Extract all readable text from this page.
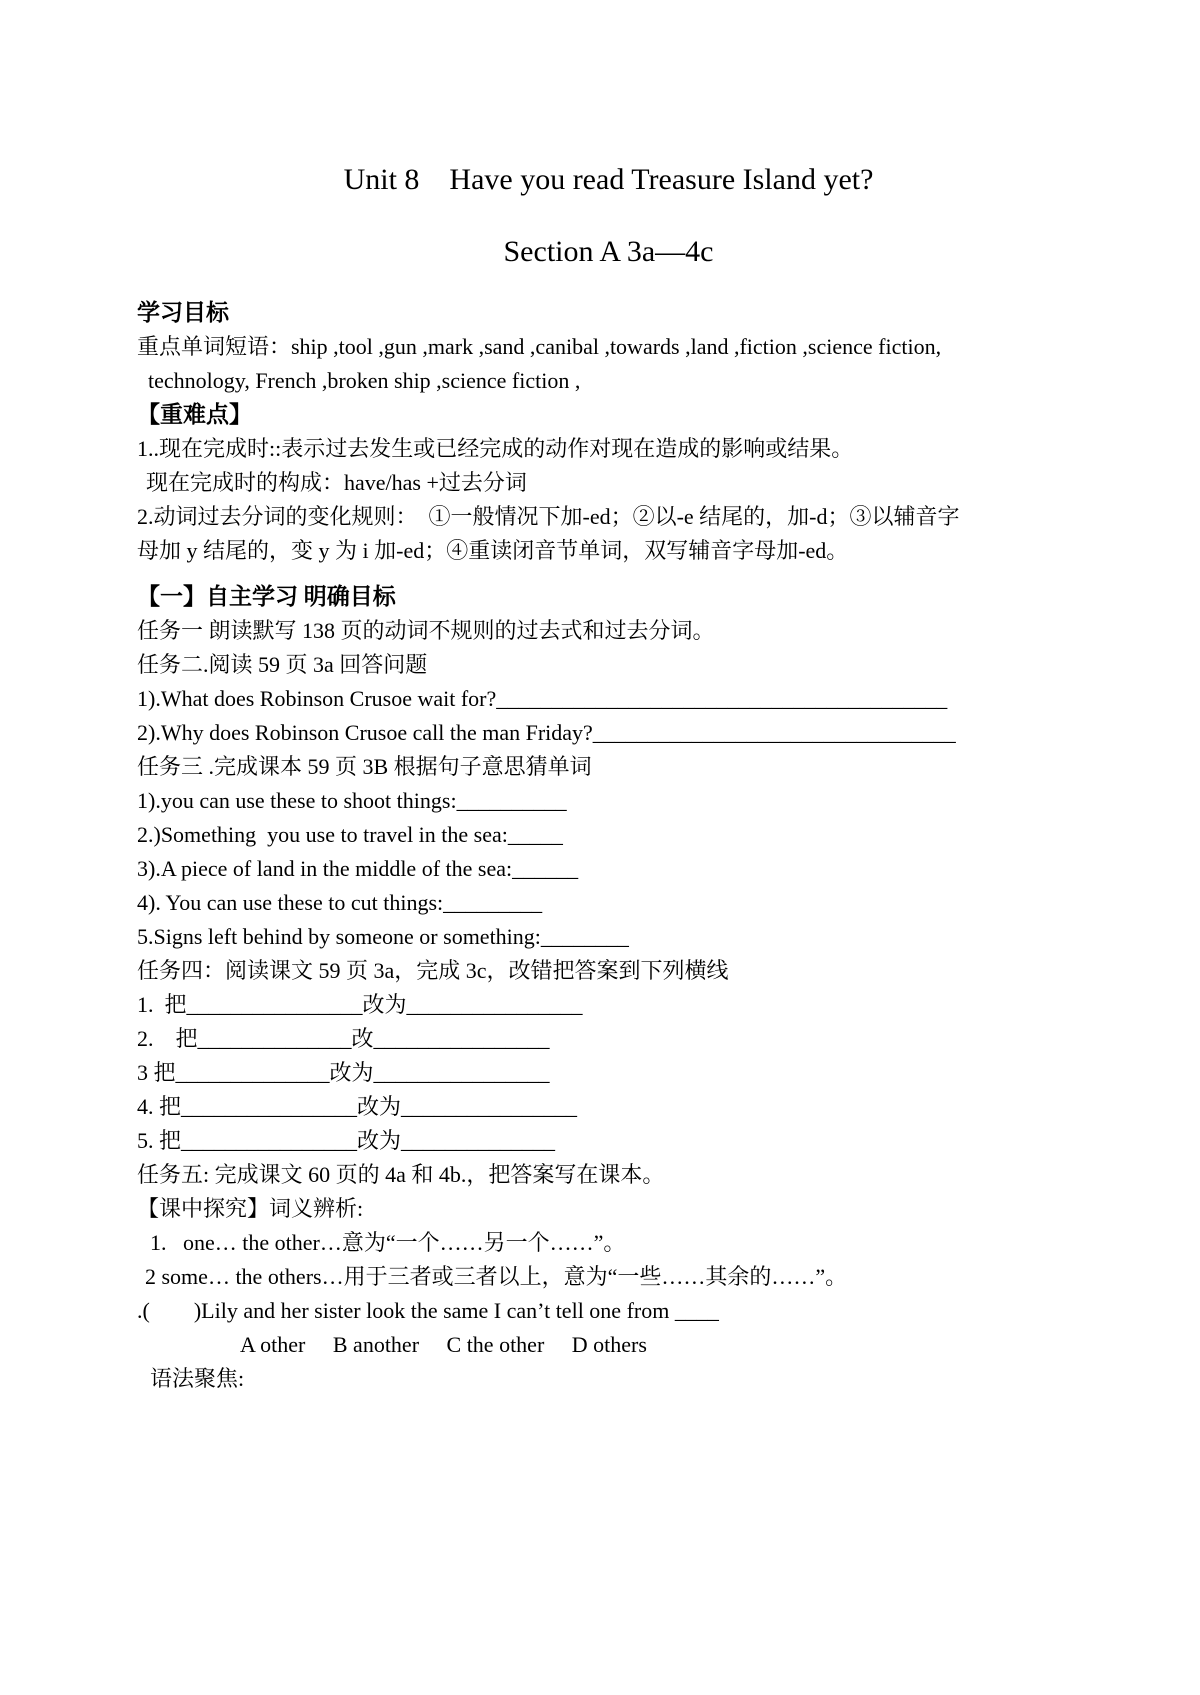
Unit 8    Have you read Treasure Island yet?
Section A 3a—4c
学习目标
重点单词短语：ship ,tool ,gun ,mark ,sand ,canibal ,towards ,land ,fiction ,science fiction,
technology, French ,broken ship ,science fiction ,
【重难点】
1..现在完成时::表示过去发生或已经完成的动作对现在造成的影响或结果。
现在完成时的构成：have/has +过去分词
2.动词过去分词的变化规则：　①一般情况下加-ed；②以-e 结尾的，加-d；③以辅音字
母加 y 结尾的，变 y 为 i 加-ed；④重读闭音节单词，双写辅音字母加-ed。
【一】自主学习 明确目标
任务一 朗读默写 138 页的动词不规则的过去式和过去分词。
任务二.阅读 59 页 3a 回答问题
1).What does Robinson Crusoe wait for?_________________________________________
2).Why does Robinson Crusoe call the man Friday?_________________________________
任务三 .完成课本 59 页 3B 根据句子意思猜单词
1).you can use these to shoot things:__________
2.)Something  you use to travel in the sea:_____
3).A piece of land in the middle of the sea:______
4). You can use these to cut things:_________
5.Signs left behind by someone or something:________
任务四：阅读课文 59 页 3a，完成 3c，改错把答案到下列横线
1.  把________________改为________________
2.    把______________改________________
3 把______________改为________________
4. 把________________改为________________
5. 把________________改为______________
任务五: 完成课文 60 页的 4a 和 4b.，把答案写在课本。
【课中探究】词义辨析:
1.   one… the other…意为“一个……另一个……”。
2 some… the others…用于三者或三者以上，意为“一些……其余的……”。
.(　　)Lily and her sister look the same I can’t tell one from ____
A other     B another     C the other     D others
语法聚焦:
